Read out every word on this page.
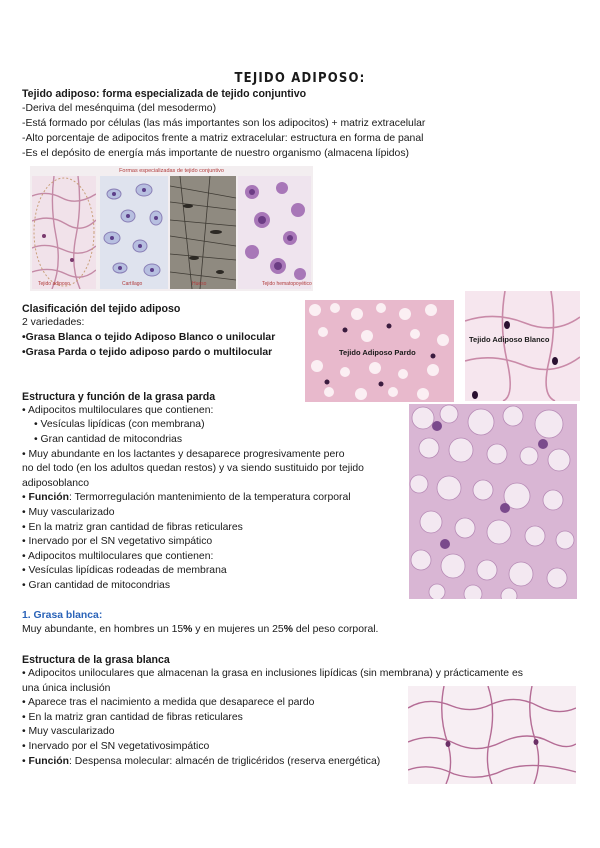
TEJIDO ADIPOSO:
Tejido adiposo: forma especializada de tejido conjuntivo
-Deriva del mesénquima (del mesodermo)
-Está formado por células (las más importantes son los adipocitos) + matriz extracelular
-Alto porcentaje de adipocitos frente a matriz extracelular: estructura en forma de panal
-Es el depósito de energía más importante de nuestro organismo (almacena lípidos)
Formas especializadas de tejido conjuntivo
Tejido adiposo	Cartílago	Hueso	Tejido hematopoyético
Clasificación del tejido adiposo
2 variedades:
•Grasa Blanca o tejido Adiposo Blanco o unilocular
•Grasa Parda o tejido adiposo pardo o multilocular	Tejido Adiposo Pardo
Tejido Adiposo Blanco
Estructura y función de la grasa parda
• Adipocitos multiloculares que contienen:
• Vesículas lipídicas (con membrana)
• Gran cantidad de mitocondrias
• Muy abundante en los lactantes y desaparece progresivamente pero
no del todo (en los adultos quedan restos) y va siendo sustituido por tejido
adiposoblanco
• Función: Termorregulación mantenimiento de la temperatura corporal
• Muy vascularizado
• En la matriz gran cantidad de fibras reticulares
• Inervado por el SN vegetativo simpático
• Adipocitos multiloculares que contienen:
• Vesículas lipídicas rodeadas de membrana
• Gran cantidad de mitocondrias
1. Grasa blanca:
Muy abundante, en hombres un 15% y en mujeres un 25% del peso corporal.
Estructura de la grasa blanca
• Adipocitos uniloculares que almacenan la grasa en inclusiones lipídicas (sin membrana) y prácticamente es
una única inclusión
• Aparece tras el nacimiento a medida que desaparece el pardo
• En la matriz gran cantidad de fibras reticulares
• Muy vascularizado
• Inervado por el SN vegetativosimpático
• Función: Despensa molecular: almacén de triglicéridos (reserva energética)
